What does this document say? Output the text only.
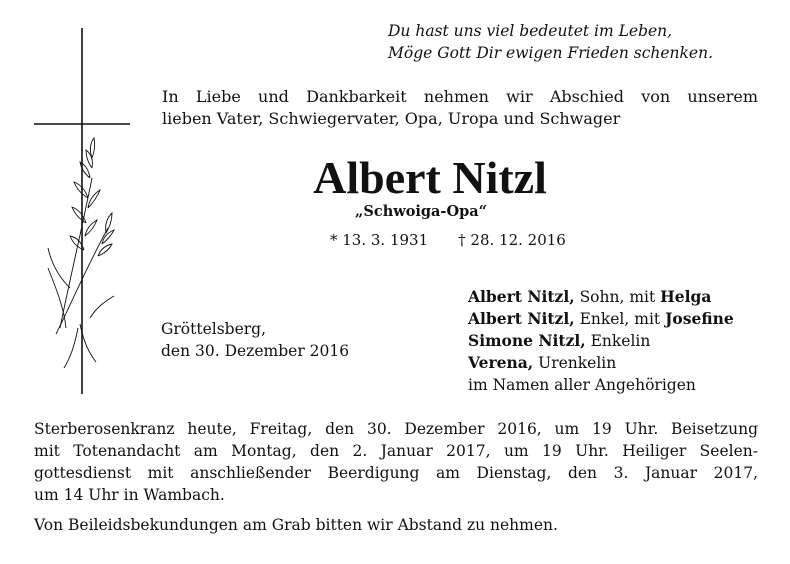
Du hast uns viel bedeutet im Leben,
Möge Gott Dir ewigen Frieden schenken.
In Liebe und Dankbarkeit nehmen wir Abschied von unserem
lieben Vater, Schwiegervater, Opa, Uropa und Schwager
Albert Nitzl
„Schwoiga-Opa“
* 13. 3. 1931 † 28. 12. 2016
Gröttelsberg,
den 30. Dezember 2016
Albert Nitzl, Sohn, mit Helga
Albert Nitzl, Enkel, mit Josefine
Simone Nitzl, Enkelin
Verena, Urenkelin
im Namen aller Angehörigen
Sterberosenkranz heute, Freitag, den 30. Dezember 2016, um 19 Uhr. Beisetzung
mit Totenandacht am Montag, den 2. Januar 2017, um 19 Uhr. Heiliger Seelen-
gottesdienst mit anschließender Beerdigung am Dienstag, den 3. Januar 2017,
um 14 Uhr in Wambach.
Von Beileidsbekundungen am Grab bitten wir Abstand zu nehmen.
